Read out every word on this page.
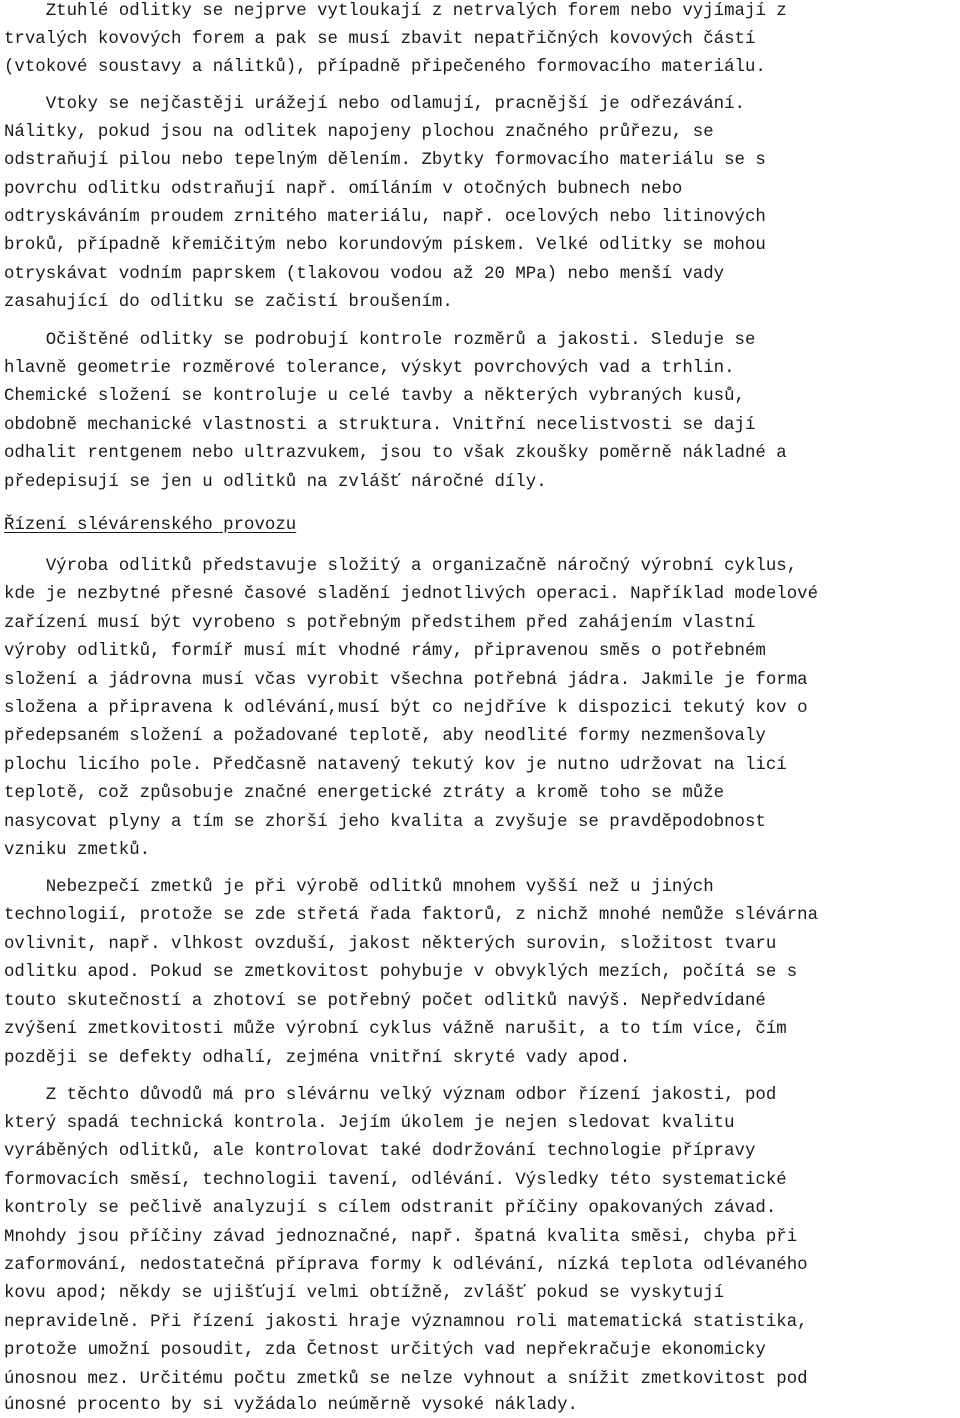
Ztuhlé odlitky se nejprve vytloukají z netrvalých forem nebo vyjímají z
trvalých kovových forem a pak se musí zbavit nepatřičných kovových částí
(vtokové soustavy a nálitků), případně připečeného formovacího materiálu.
Vtoky se nejčastěji urážejí nebo odlamují, pracnější je odřezávání.
Nálitky, pokud jsou na odlitek napojeny plochou značného průřezu, se
odstraňují pilou nebo tepelným dělením. Zbytky formovacího materiálu se s
povrchu odlitku odstraňují např. omíláním v otočných bubnech nebo
odtryskáváním proudem zrnitého materiálu, např. ocelových nebo litinových
broků, případně křemičitým nebo korundovým pískem. Velké odlitky se mohou
otryskávat vodním paprskem (tlakovou vodou až 20 MPa) nebo menší vady
zasahující do odlitku se začistí broušením.
Očištěné odlitky se podrobují kontrole rozměrů a jakosti. Sleduje se
hlavně geometrie rozměrové tolerance, výskyt povrchových vad a trhlin.
Chemické složení se kontroluje u celé tavby a některých vybraných kusů,
obdobně mechanické vlastnosti a struktura. Vnitřní necelistvosti se dají
odhalit rentgenem nebo ultrazvukem, jsou to však zkoušky poměrně nákladné a
předepisují se jen u odlitků na zvlášť náročné díly.
Řízení slévárenského provozu
Výroba odlitků představuje složitý a organizačně náročný výrobní cyklus,
kde je nezbytné přesné časové sladění jednotlivých operaci. Například modelové
zařízení musí být vyrobeno s potřebným předstihem před zahájením vlastní
výroby odlitků, formíř musí mít vhodné rámy, připravenou směs o potřebném
složení a jádrovna musí včas vyrobit všechna potřebná jádra. Jakmile je forma
složena a připravena k odlévání,musí být co nejdříve k dispozici tekutý kov o
předepsaném složení a požadované teplotě, aby neodlité formy nezmenšovaly
plochu licího pole. Předčasně natavený tekutý kov je nutno udržovat na licí
teplotě, což způsobuje značné energetické ztráty a kromě toho se může
nasycovat plyny a tím se zhorší jeho kvalita a zvyšuje se pravděpodobnost
vzniku zmetků.
Nebezpečí zmetků je při výrobě odlitků mnohem vyšší než u jiných
technologií, protože se zde střetá řada faktorů, z nichž mnohé nemůže slévárna
ovlivnit, např. vlhkost ovzduší, jakost některých surovin, složitost tvaru
odlitku apod. Pokud se zmetkovitost pohybuje v obvyklých mezích, počítá se s
touto skutečností a zhotoví se potřebný počet odlitků navýš. Nepředvídané
zvýšení zmetkovitosti může výrobní cyklus vážně narušit, a to tím více, čím
později se defekty odhalí, zejména vnitřní skryté vady apod.
Z těchto důvodů má pro slévárnu velký význam odbor řízení jakosti, pod
který spadá technická kontrola. Jejím úkolem je nejen sledovat kvalitu
vyráběných odlitků, ale kontrolovat také dodržování technologie přípravy
formovacích směsí, technologii tavení, odlévání. Výsledky této systematické
kontroly se pečlivě analyzují s cílem odstranit příčiny opakovaných závad.
Mnohdy jsou příčiny závad jednoznačné, např. špatná kvalita směsi, chyba při
zaformování, nedostatečná příprava formy k odlévání, nízká teplota odlévaného
kovu apod; někdy se ujišťují velmi obtížně, zvlášť pokud se vyskytují
nepravidelně. Při řízení jakosti hraje významnou roli matematická statistika,
protože umožní posoudit, zda Četnost určitých vad nepřekračuje ekonomicky
únosnou mez. Určitému počtu zmetků se nelze vyhnout a snížit zmetkovitost pod
únosné procento by si vyžádalo neúměrně vysoké náklady.
